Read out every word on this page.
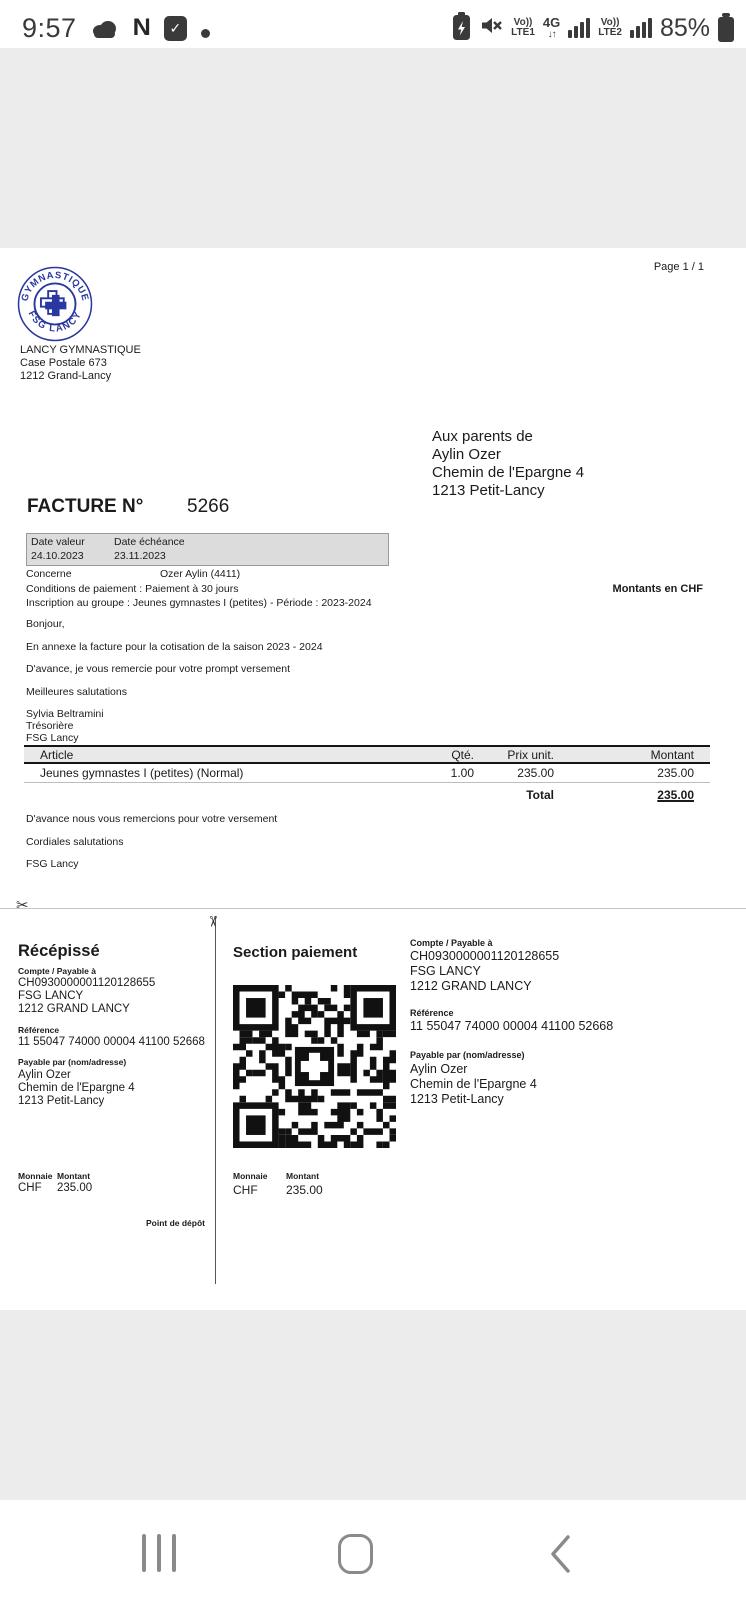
9:57 N ✓	Vo))
LTE1
4G
↓↑
Vo))
LTE2 85%
Page 1 / 1
GYMNASTIQUE
FSG LANCY
LANCY GYMNASTIQUE
Case Postale 673
1212 Grand-Lancy
Aux parents de
Aylin Ozer
Chemin de l'Epargne 4
1213 Petit-Lancy
FACTURE N° 5266
Date valeur	Date échéance
24.10.2023	23.11.2023
Concerne	Ozer Aylin (4411)
Conditions de paiement : Paiement à 30 jours	Montants en CHF
Inscription au groupe : Jeunes gymnastes I (petites) - Période : 2023-2024
Bonjour,
En annexe la facture pour la cotisation de la saison 2023 - 2024
D'avance, je vous remercie pour votre prompt versement
Meilleures salutations
Sylvia Beltramini
Trésorière
FSG Lancy
Article	Qté.	Prix unit.	Montant
Jeunes gymnastes I (petites) (Normal)	1.00	235.00	235.00
Total	235.00
D'avance nous vous remercions pour votre versement
Cordiales salutations
FSG Lancy
✂
✂
Récépissé
Compte / Payable à
CH0930000001120128655
FSG LANCY
1212 GRAND LANCY
Référence
11 55047 74000 00004 41100 52668
Payable par (nom/adresse)
Aylin Ozer
Chemin de l'Epargne 4
1213 Petit-Lancy
Monnaie Montant
CHF 235.00
Point de dépôt
Section paiement
Monnaie Montant
CHF 235.00
Compte / Payable à
CH0930000001120128655
FSG LANCY
1212 GRAND LANCY
Référence
11 55047 74000 00004 41100 52668
Payable par (nom/adresse)
Aylin Ozer
Chemin de l'Epargne 4
1213 Petit-Lancy
